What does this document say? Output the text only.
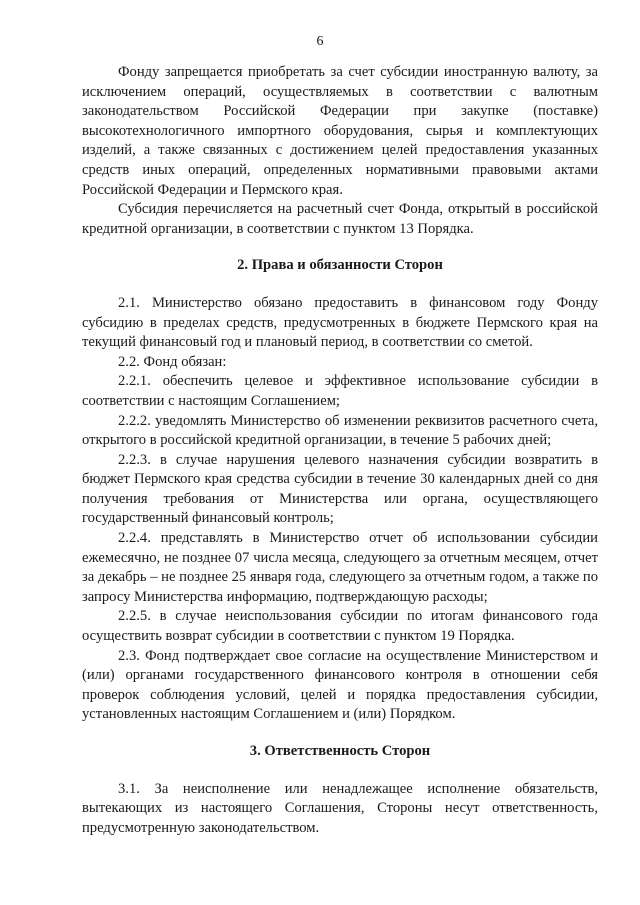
6

Фонду запрещается приобретать за счет субсидии иностранную валюту, за исключением операций, осуществляемых в соответствии с валютным законодательством Российской Федерации при закупке (поставке) высокотехнологичного импортного оборудования, сырья и комплектующих изделий, а также связанных с достижением целей предоставления указанных средств иных операций, определенных нормативными правовыми актами Российской Федерации и Пермского края.

Субсидия перечисляется на расчетный счет Фонда, открытый в российской кредитной организации, в соответствии с пунктом 13 Порядка.

2. Права и обязанности Сторон

2.1. Министерство обязано предоставить в финансовом году Фонду субсидию в пределах средств, предусмотренных в бюджете Пермского края на текущий финансовый год и плановый период, в соответствии со сметой.

2.2. Фонд обязан:

2.2.1. обеспечить целевое и эффективное использование субсидии в соответствии с настоящим Соглашением;

2.2.2. уведомлять Министерство об изменении реквизитов расчетного счета, открытого в российской кредитной организации, в течение 5 рабочих дней;

2.2.3. в случае нарушения целевого назначения субсидии возвратить в бюджет Пермского края средства субсидии в течение 30 календарных дней со дня получения требования от Министерства или органа, осуществляющего государственный финансовый контроль;

2.2.4. представлять в Министерство отчет об использовании субсидии ежемесячно, не позднее 07 числа месяца, следующего за отчетным месяцем, отчет за декабрь – не позднее 25 января года, следующего за отчетным годом, а также по запросу Министерства информацию, подтверждающую расходы;

2.2.5. в случае неиспользования субсидии по итогам финансового года осуществить возврат субсидии в соответствии с пунктом 19 Порядка.

2.3. Фонд подтверждает свое согласие на осуществление Министерством и (или) органами государственного финансового контроля в отношении себя проверок соблюдения условий, целей и порядка предоставления субсидии, установленных настоящим Соглашением и (или) Порядком.

3. Ответственность Сторон

3.1. За неисполнение или ненадлежащее исполнение обязательств, вытекающих из настоящего Соглашения, Стороны несут ответственность, предусмотренную законодательством.
